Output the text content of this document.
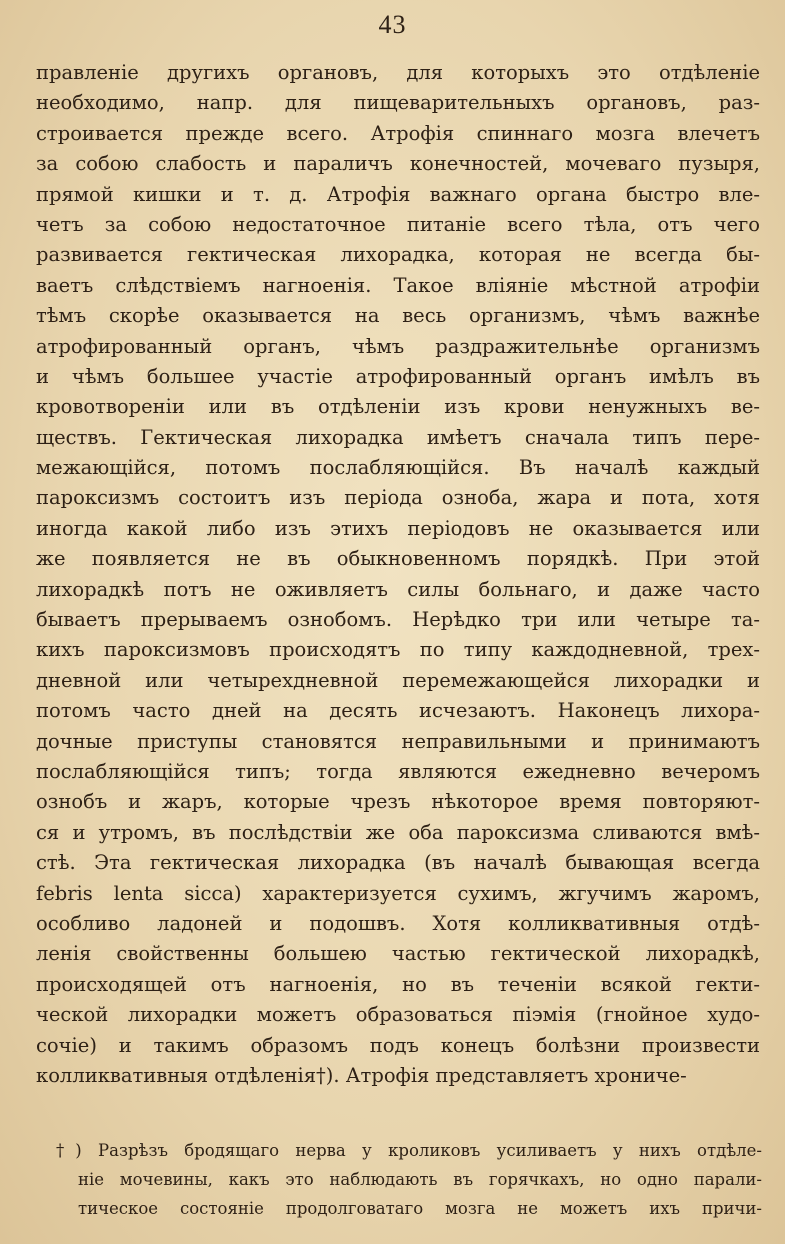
43
правленіе другихъ органовъ, для которыхъ это отдѣленіе
необходимо, напр. для пищеварительныхъ органовъ, раз-
строивается прежде всего. Атрофія спиннаго мозга влечетъ
за собою слабость и параличъ конечностей, мочеваго пузыря,
прямой кишки и т. д. Атрофія важнаго органа быстро вле-
четъ за собою недостаточное питаніе всего тѣла, отъ чего
развивается гектическая лихорадка, которая не всегда бы-
ваетъ слѣдствіемъ нагноенія. Такое вліяніе мѣстной атрофіи
тѣмъ скорѣе оказывается на весь организмъ, чѣмъ важнѣе
атрофированный органъ, чѣмъ раздражительнѣе организмъ
и чѣмъ большее участіе атрофированный органъ имѣлъ въ
кровотвореніи или въ отдѣленіи изъ крови ненужныхъ ве-
ществъ. Гектическая лихорадка имѣетъ сначала типъ пере-
межающійся, потомъ послабляющійся. Въ началѣ каждый
пароксизмъ состоитъ изъ періода озноба, жара и пота, хотя
иногда какой либо изъ этихъ періодовъ не оказывается или
же появляется не въ обыкновенномъ порядкѣ. При этой
лихорадкѣ потъ не оживляетъ силы больнаго, и даже часто
бываетъ прерываемъ ознобомъ. Нерѣдко три или четыре та-
кихъ пароксизмовъ происходятъ по типу каждодневной, трех-
дневной или четырехдневной перемежающейся лихорадки и
потомъ часто дней на десять исчезаютъ. Наконецъ лихора-
дочные приступы становятся неправильными и принимаютъ
послабляющійся типъ; тогда являются ежедневно вечеромъ
ознобъ и жаръ, которые чрезъ нѣкоторое время повторяют-
ся и утромъ, въ послѣдствіи же оба пароксизма сливаются вмѣ-
стѣ. Эта гектическая лихорадка (въ началѣ бывающая всегда
febris lenta sicca) характеризуется сухимъ, жгучимъ жаромъ,
особливо ладоней и подошвъ. Хотя колликвативныя отдѣ-
ленія свойственны большею частью гектической лихорадкѣ,
происходящей отъ нагноенія, но въ теченіи всякой гекти-
ческой лихорадки можетъ образоваться піэмія (гнойное худо-
сочіе) и такимъ образомъ подъ конецъ болѣзни произвести
колликвативныя отдѣленія†). Атрофія представляетъ хрониче-
†) Разрѣзъ бродящаго нерва у кроликовъ усиливаетъ у нихъ отдѣле-
ніе мочевины, какъ это наблюдають въ горячкахъ, но одно парали-
тическое состояніе продолговатаго мозга не можетъ ихъ причи-
